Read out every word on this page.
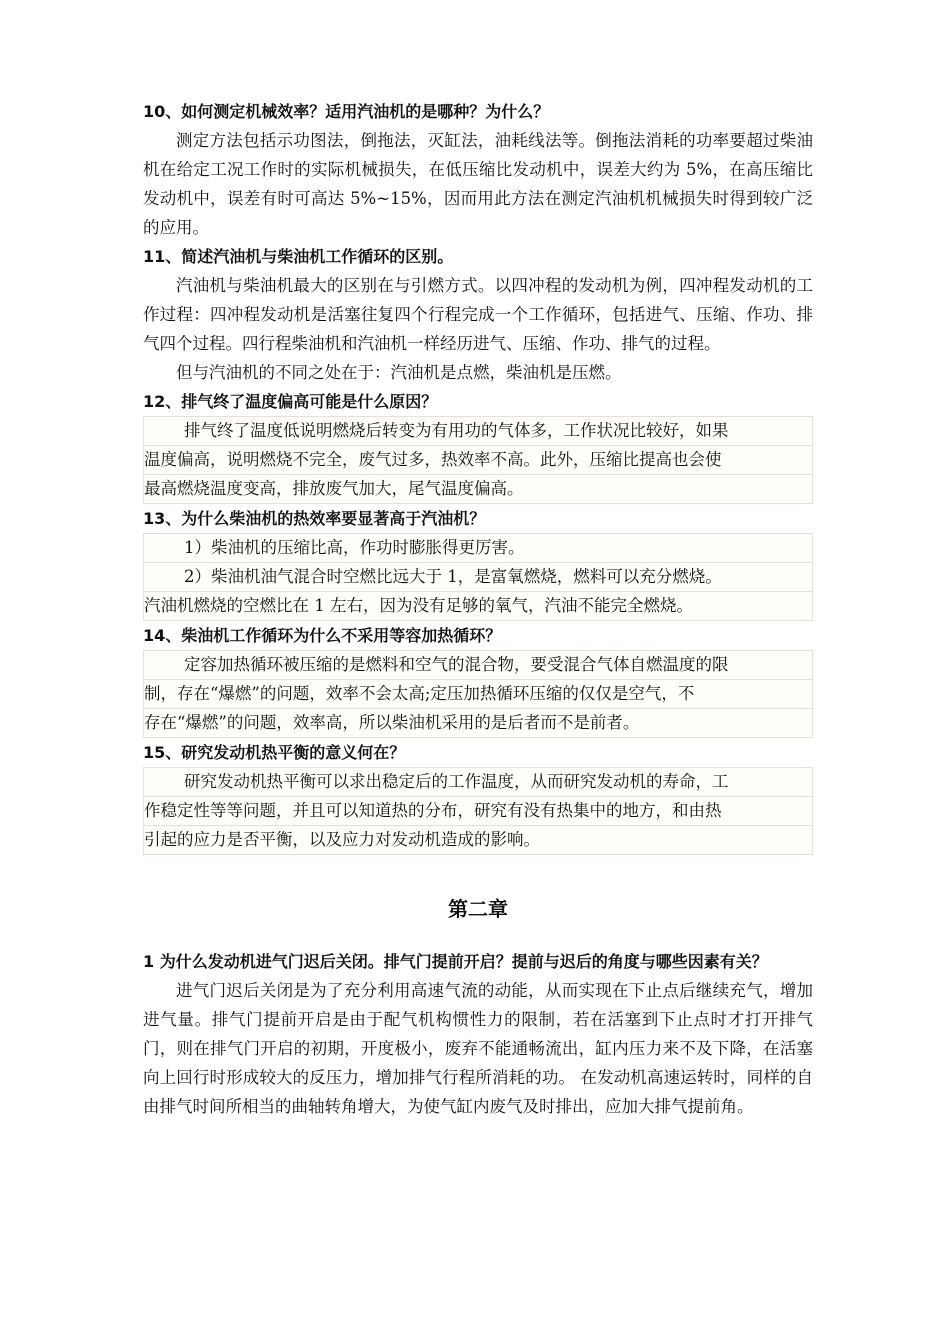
10、如何测定机械效率？适用汽油机的是哪种？为什么？

测定方法包括示功图法，倒拖法，灭缸法，油耗线法等。倒拖法消耗的功率要超过柴油机在给定工况工作时的实际机械损失，在低压缩比发动机中，误差大约为 5%，在高压缩比发动机中，误差有时可高达 5%~15%，因而用此方法在测定汽油机机械损失时得到较广泛的应用。

11、简述汽油机与柴油机工作循环的区别。

汽油机与柴油机最大的区别在与引燃方式。以四冲程的发动机为例，四冲程发动机的工作过程：四冲程发动机是活塞往复四个行程完成一个工作循环，包括进气、压缩、作功、排气四个过程。四行程柴油机和汽油机一样经历进气、压缩、作功、排气的过程。

但与汽油机的不同之处在于：汽油机是点燃，柴油机是压燃。

12、排气终了温度偏高可能是什么原因？

排气终了温度低说明燃烧后转变为有用功的气体多，工作状况比较好，如果
温度偏高，说明燃烧不完全，废气过多，热效率不高。此外，压缩比提高也会使
最高燃烧温度变高，排放废气加大，尾气温度偏高。

13、为什么柴油机的热效率要显著高于汽油机？

1）柴油机的压缩比高，作功时膨胀得更厉害。
2）柴油机油气混合时空燃比远大于 1，是富氧燃烧，燃料可以充分燃烧。
汽油机燃烧的空燃比在 1 左右，因为没有足够的氧气，汽油不能完全燃烧。

14、柴油机工作循环为什么不采用等容加热循环？

定容加热循环被压缩的是燃料和空气的混合物，要受混合气体自燃温度的限
制，存在“爆燃”的问题，效率不会太高;定压加热循环压缩的仅仅是空气，不
存在“爆燃”的问题，效率高，所以柴油机采用的是后者而不是前者。

15、研究发动机热平衡的意义何在？

研究发动机热平衡可以求出稳定后的工作温度，从而研究发动机的寿命，工
作稳定性等等问题，并且可以知道热的分布，研究有没有热集中的地方，和由热
引起的应力是否平衡，以及应力对发动机造成的影响。
第二章

1 为什么发动机进气门迟后关闭。排气门提前开启？提前与迟后的角度与哪些因素有关？

进气门迟后关闭是为了充分利用高速气流的动能，从而实现在下止点后继续充气，增加进气量。排气门提前开启是由于配气机构惯性力的限制，若在活塞到下止点时才打开排气门，则在排气门开启的初期，开度极小，废弃不能通畅流出，缸内压力来不及下降，在活塞向上回行时形成较大的反压力，增加排气行程所消耗的功。 在发动机高速运转时，同样的自由排气时间所相当的曲轴转角增大，为使气缸内废气及时排出，应加大排气提前角。
